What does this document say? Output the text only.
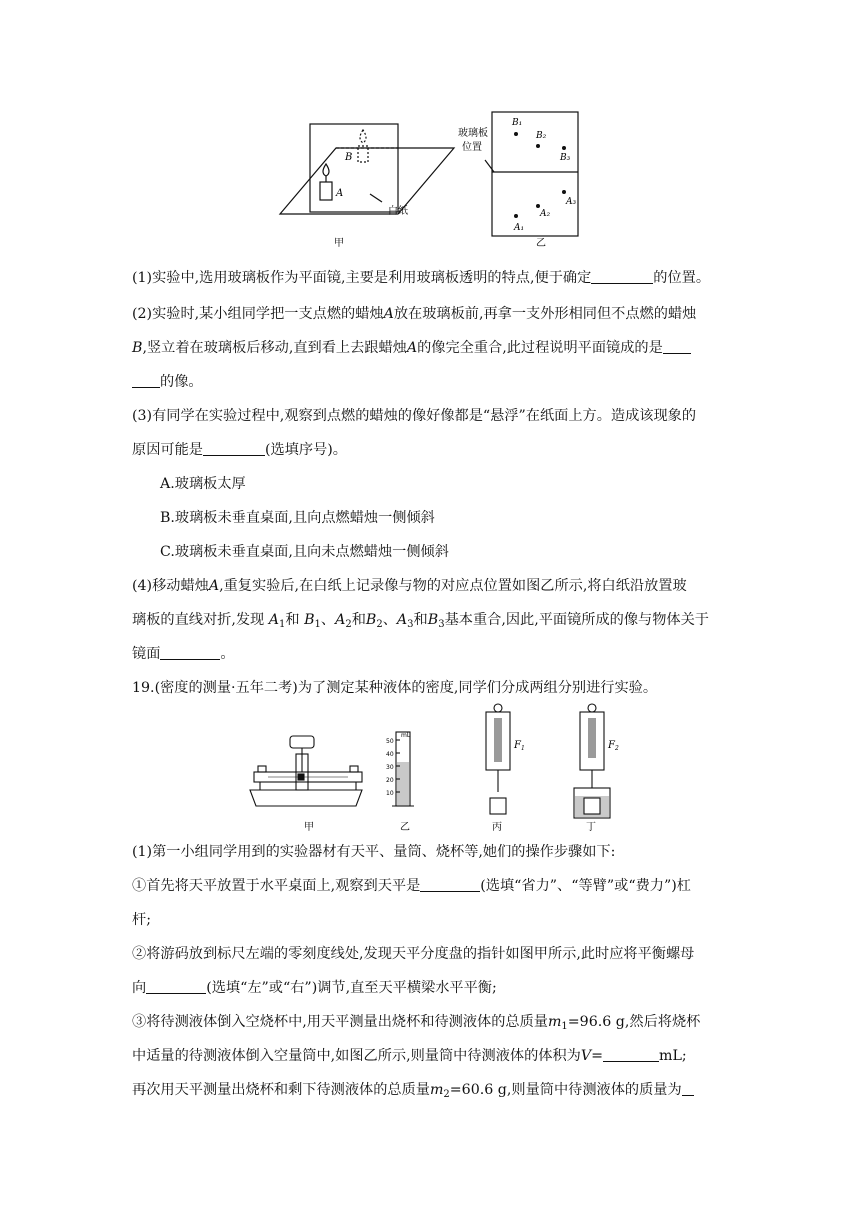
B
A
白纸
甲
玻璃板
位置
B₁
B₂
B₃
A₃
A₂
A₁
乙
(1)实验中,选用玻璃板作为平面镜,主要是利用玻璃板透明的特点,便于确定	的位置。
(2)实验时,某小组同学把一支点燃的蜡烛A放在玻璃板前,再拿一支外形相同但不点燃的蜡烛
B,竖立着在玻璃板后移动,直到看上去跟蜡烛A的像完全重合,此过程说明平面镜成的是
的像。
(3)有同学在实验过程中,观察到点燃的蜡烛的像好像都是“悬浮”在纸面上方。造成该现象的
原因可能是	(选填序号)。
A.玻璃板太厚
B.玻璃板未垂直桌面,且向点燃蜡烛一侧倾斜
C.玻璃板未垂直桌面,且向未点燃蜡烛一侧倾斜
(4)移动蜡烛A,重复实验后,在白纸上记录像与物的对应点位置如图乙所示,将白纸沿放置玻
璃板的直线对折,发现 $A_1$和 $B_1$、$A_2$和$B_2$、$A_3$和$B_3$基本重合,因此,平面镜所成的像与物体关于
镜面	。
19.(密度的测量·五年二考)为了测定某种液体的密度,同学们分成两组分别进行实验。
甲
mL
50
40
30
20
10
乙
$F_1$
丙
$F_2$
丁
(1)第一小组同学用到的实验器材有天平、量筒、烧杯等,她们的操作步骤如下:
①首先将天平放置于水平桌面上,观察到天平是	(选填“省力”、“等臂”或“费力”)杠
杆;
②将游码放到标尺左端的零刻度线处,发现天平分度盘的指针如图甲所示,此时应将平衡螺母
向	(选填“左”或“右”)调节,直至天平横梁水平平衡;
③将待测液体倒入空烧杯中,用天平测量出烧杯和待测液体的总质量$m_1=96.6$ g,然后将烧杯
中适量的待测液体倒入空量筒中,如图乙所示,则量筒中待测液体的体积为V=	mL;
再次用天平测量出烧杯和剩下待测液体的总质量$m_2=60.6$ g,则量筒中待测液体的质量为
